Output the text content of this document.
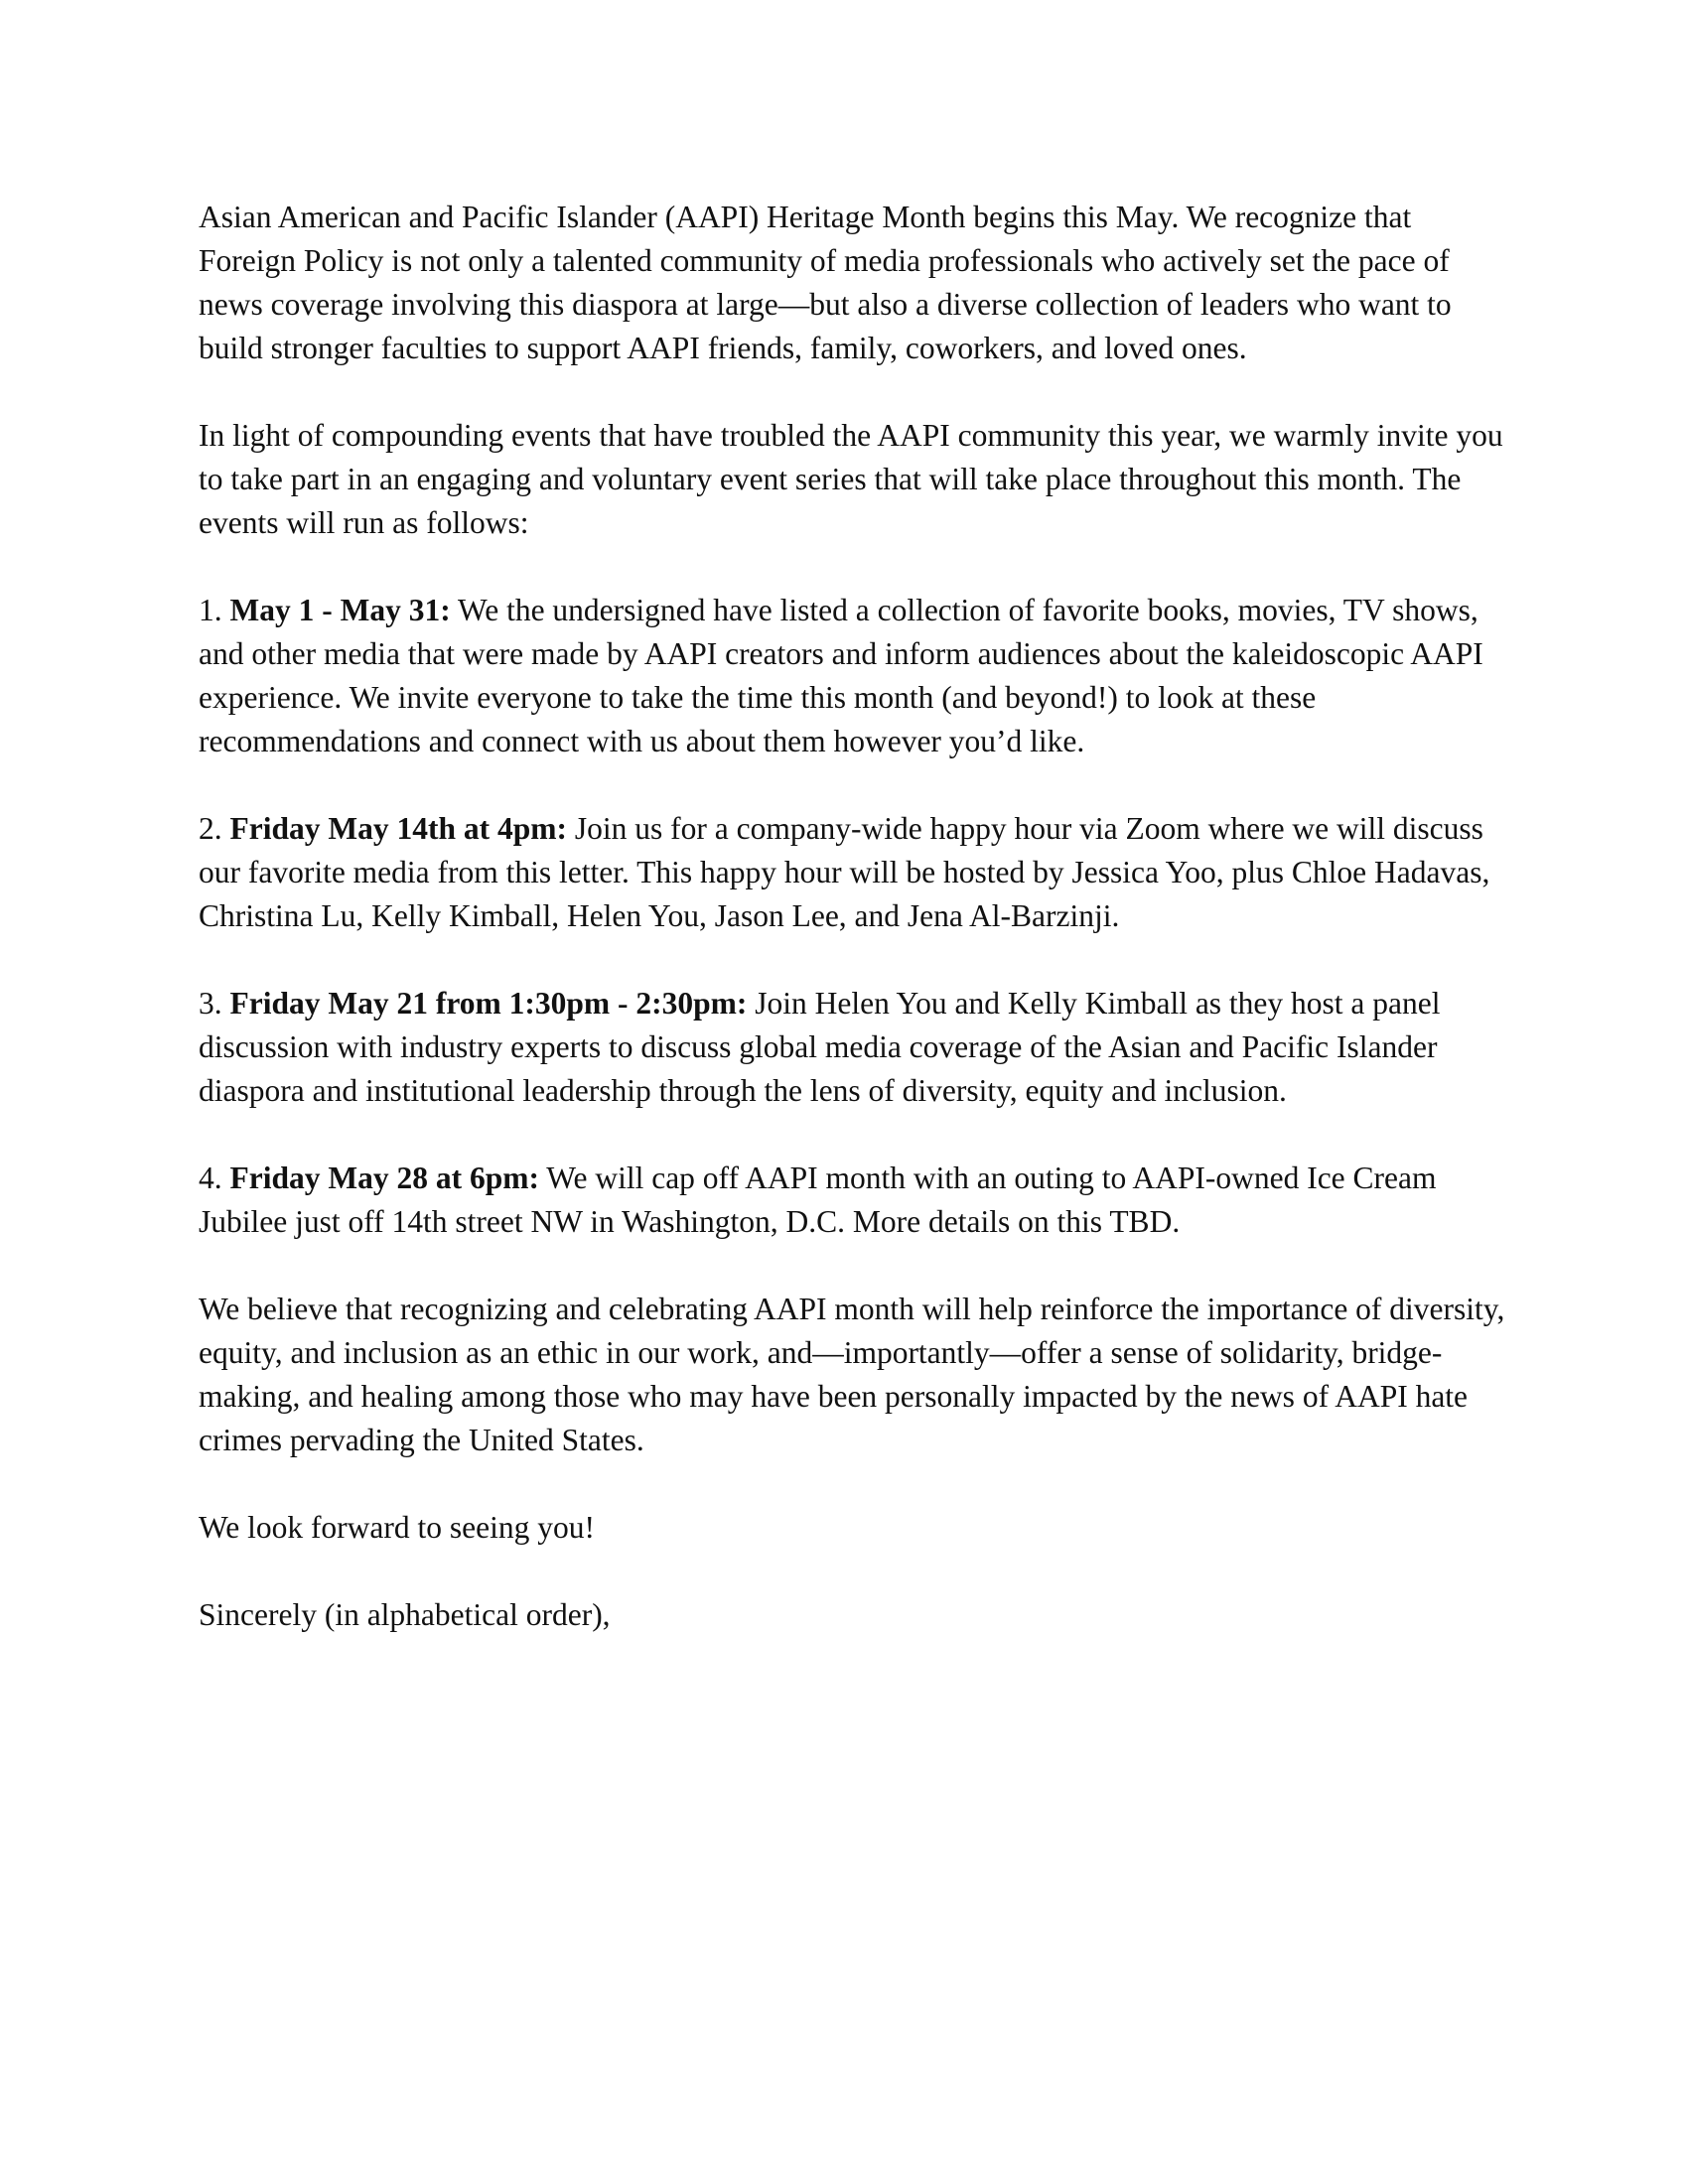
Asian American and Pacific Islander (AAPI) Heritage Month begins this May. We recognize that Foreign Policy is not only a talented community of media professionals who actively set the pace of news coverage involving this diaspora at large—but also a diverse collection of leaders who want to build stronger faculties to support AAPI friends, family, coworkers, and loved ones.

In light of compounding events that have troubled the AAPI community this year, we warmly invite you to take part in an engaging and voluntary event series that will take place throughout this month. The events will run as follows:

1. May 1 - May 31: We the undersigned have listed a collection of favorite books, movies, TV shows, and other media that were made by AAPI creators and inform audiences about the kaleidoscopic AAPI experience. We invite everyone to take the time this month (and beyond!) to look at these recommendations and connect with us about them however you’d like.

2. Friday May 14th at 4pm: Join us for a company-wide happy hour via Zoom where we will discuss our favorite media from this letter. This happy hour will be hosted by Jessica Yoo, plus Chloe Hadavas, Christina Lu, Kelly Kimball, Helen You, Jason Lee, and Jena Al-Barzinji.

3. Friday May 21 from 1:30pm - 2:30pm: Join Helen You and Kelly Kimball as they host a panel discussion with industry experts to discuss global media coverage of the Asian and Pacific Islander diaspora and institutional leadership through the lens of diversity, equity and inclusion.

4. Friday May 28 at 6pm: We will cap off AAPI month with an outing to AAPI-owned Ice Cream Jubilee just off 14th street NW in Washington, D.C. More details on this TBD.

We believe that recognizing and celebrating AAPI month will help reinforce the importance of diversity, equity, and inclusion as an ethic in our work, and—importantly—offer a sense of solidarity, bridge-making, and healing among those who may have been personally impacted by the news of AAPI hate crimes pervading the United States.

We look forward to seeing you!

Sincerely (in alphabetical order),
